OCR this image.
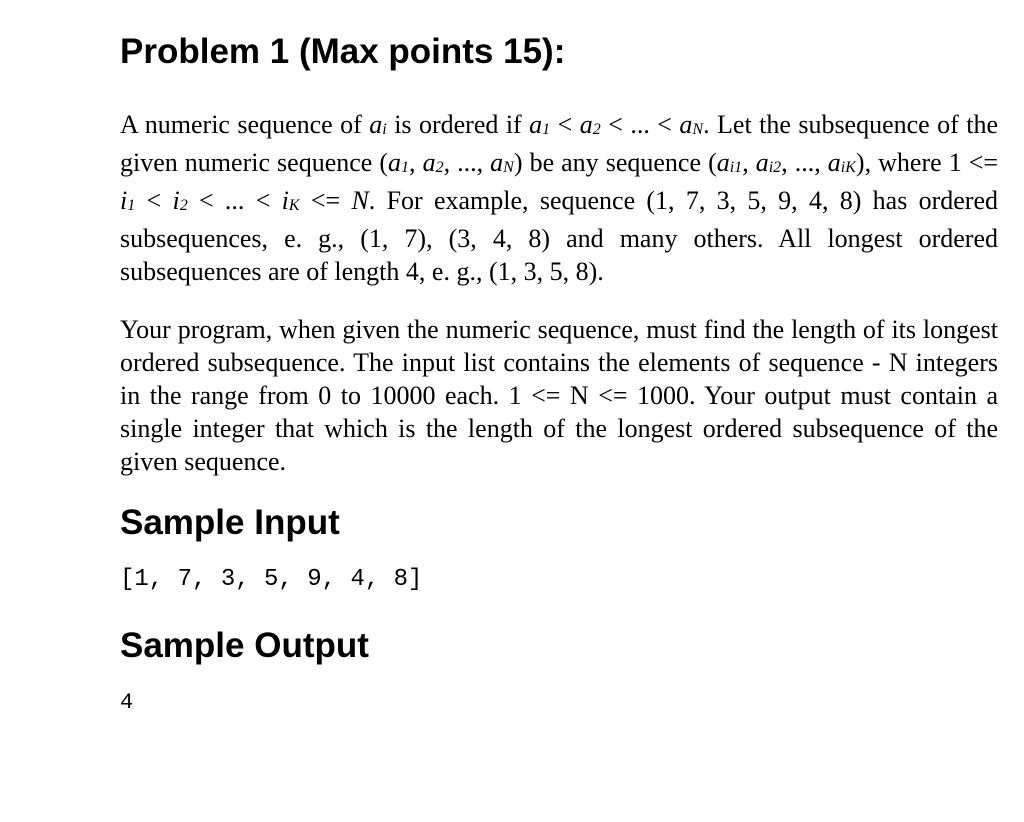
Problem 1 (Max points 15):

A numeric sequence of ai is ordered if a1 < a2 < ... < aN. Let the subsequence of the given numeric sequence (a1, a2, ..., aN) be any sequence (ai1, ai2, ..., aiK), where 1 <= i1 < i2 < ... < iK <= N. For example, sequence (1, 7, 3, 5, 9, 4, 8) has ordered subsequences, e. g., (1, 7), (3, 4, 8) and many others. All longest ordered subsequences are of length 4, e. g., (1, 3, 5, 8).

Your program, when given the numeric sequence, must find the length of its longest ordered subsequence. The input list contains the elements of sequence - N integers in the range from 0 to 10000 each. 1 <= N <= 1000. Your output must contain a single integer that which is the length of the longest ordered subsequence of the given sequence.

Sample Input
[1, 7, 3, 5, 9, 4, 8]
Sample Output
4
